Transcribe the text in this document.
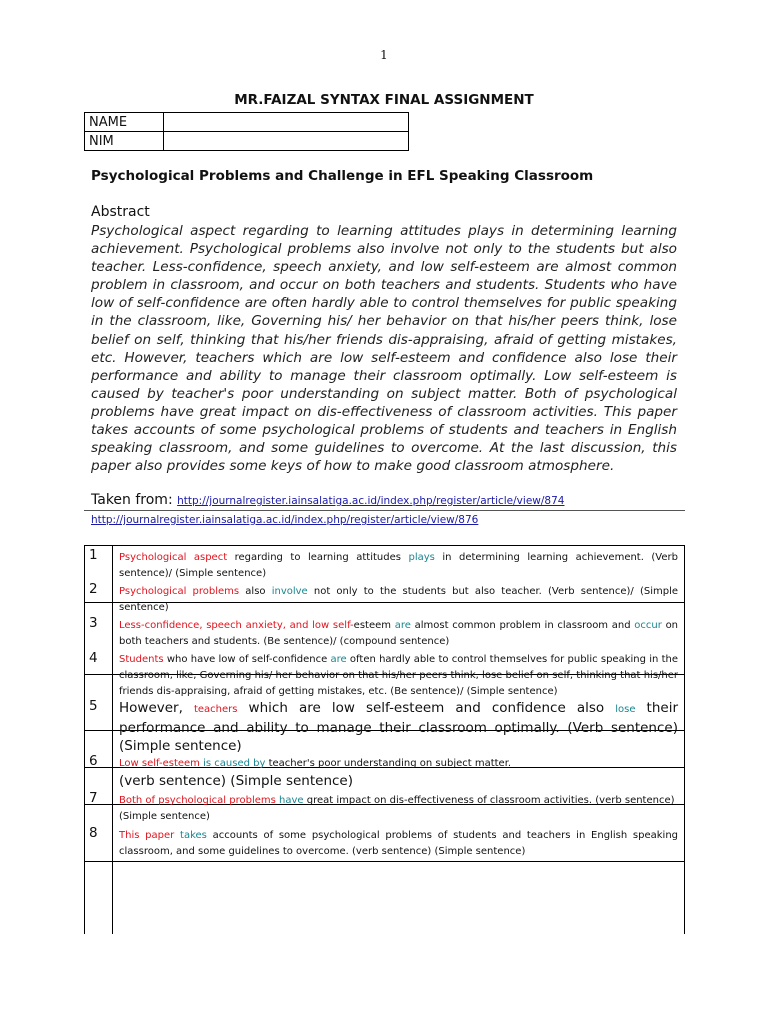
1
MR.FAIZAL SYNTAX FINAL ASSIGNMENT
NAME	
NIM	
Psychological Problems and Challenge in EFL Speaking Classroom
Abstract
Psychological aspect regarding to learning attitudes plays in determining learning achievement. Psychological problems also involve not only to the students but also teacher. Less-confidence, speech anxiety, and low self-esteem are almost common problem in classroom, and occur on both teachers and students. Students who have low of self-confidence are often hardly able to control themselves for public speaking in the classroom, like, Governing his/ her behavior on that his/her peers think, lose belief on self, thinking that his/her friends dis-appraising, afraid of getting mistakes, etc. However, teachers which are low self-esteem and confidence also lose their performance and ability to manage their classroom optimally. Low self-esteem is caused by teacher's poor understanding on subject matter. Both of psychological problems have great impact on dis-effectiveness of classroom activities. This paper takes accounts of some psychological problems of students and teachers in English speaking classroom, and some guidelines to overcome. At the last discussion, this paper also provides some keys of how to make good classroom atmosphere.
Taken from: http://journalregister.iainsalatiga.ac.id/index.php/register/article/view/874
http://journalregister.iainsalatiga.ac.id/index.php/register/article/view/876
1 Psychological aspect regarding to learning attitudes plays in determining learning achievement. (Verb sentence)/ (Simple sentence)
2 Psychological problems also involve not only to the students but also teacher. (Verb sentence)/ (Simple sentence)
3 Less-confidence, speech anxiety, and low self-esteem are almost common problem in classroom and occur on both teachers and students. (Be sentence)/ (compound sentence)
4 Students who have low of self-confidence are often hardly able to control themselves for public speaking in the classroom, like, Governing his/ her behavior on that his/her peers think, lose belief on self, thinking that his/her friends dis-appraising, afraid of getting mistakes, etc. (Be sentence)/ (Simple sentence)
5 However, teachers which are low self-esteem and confidence also lose their performance and ability to manage their classroom optimally. (Verb sentence) (Simple sentence)
6 Low self-esteem is caused by teacher's poor understanding on subject matter.
(verb sentence) (Simple sentence)
7 Both of psychological problems have great impact on dis-effectiveness of classroom activities. (verb sentence)
(Simple sentence)
8 This paper takes accounts of some psychological problems of students and teachers in English speaking classroom, and some guidelines to overcome. (verb sentence) (Simple sentence)
